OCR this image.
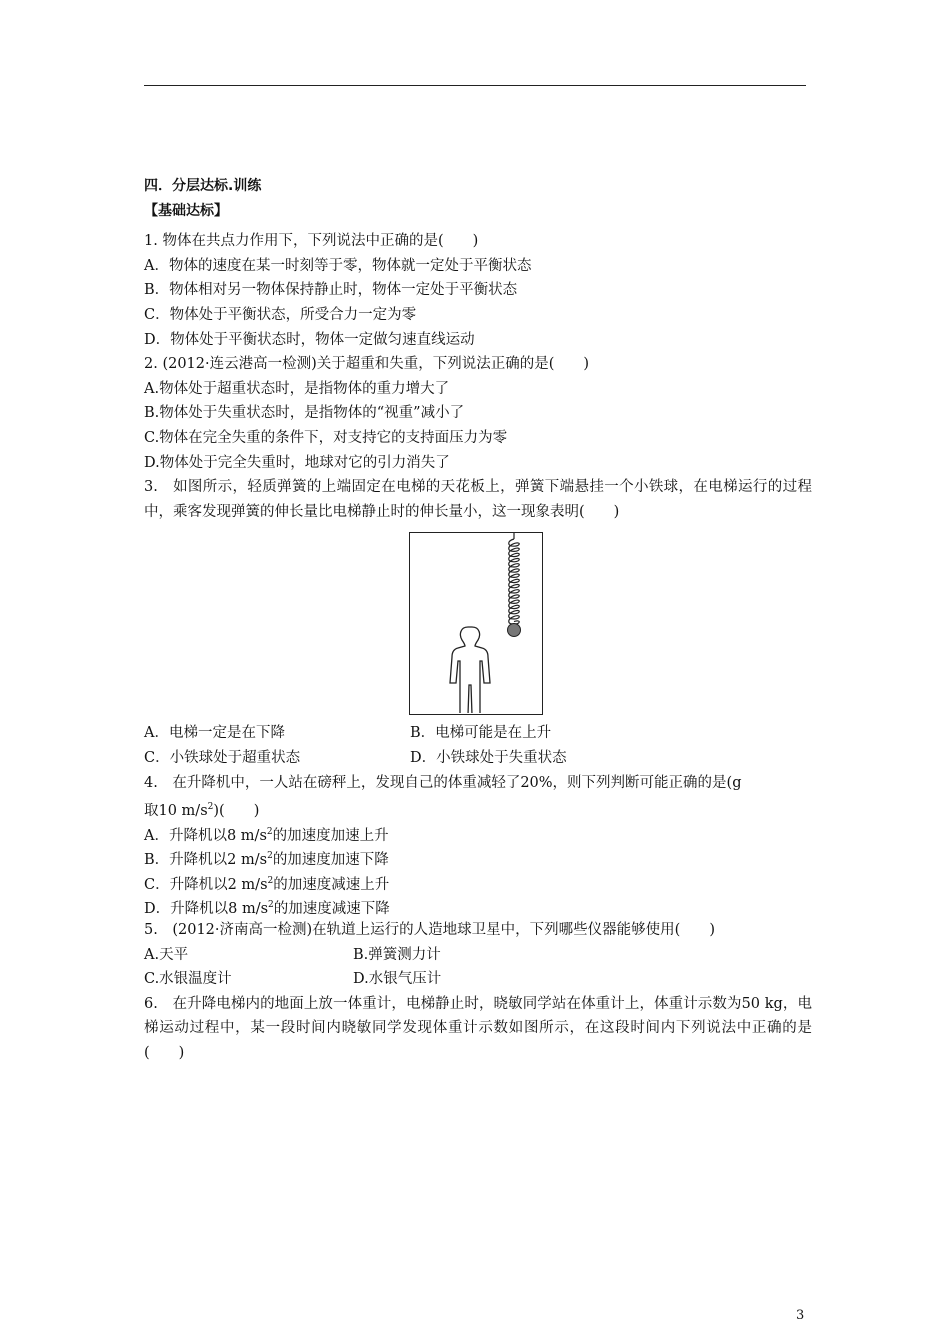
四．分层达标.训练
【基础达标】
1. 物体在共点力作用下，下列说法中正确的是(　　)
A．物体的速度在某一时刻等于零，物体就一定处于平衡状态
B．物体相对另一物体保持静止时，物体一定处于平衡状态
C．物体处于平衡状态，所受合力一定为零
D．物体处于平衡状态时，物体一定做匀速直线运动
2. (2012·连云港高一检测)关于超重和失重，下列说法正确的是(　　)
A.物体处于超重状态时，是指物体的重力增大了
B.物体处于失重状态时，是指物体的“视重”减小了
C.物体在完全失重的条件下，对支持它的支持面压力为零
D.物体处于完全失重时，地球对它的引力消失了
3.　如图所示，轻质弹簧的上端固定在电梯的天花板上，弹簧下端悬挂一个小铁球，在电梯运行的过程中，乘客发现弹簧的伸长量比电梯静止时的伸长量小，这一现象表明(　　)
A．电梯一定是在下降	B．电梯可能是在上升
C．小铁球处于超重状态	D．小铁球处于失重状态
4.　在升降机中，一人站在磅秤上，发现自己的体重减轻了20%，则下列判断可能正确的是(g
取10 $m/s^2$)(　　)
A．升降机以8 $m/s^2$的加速度加速上升
B．升降机以2 $m/s^2$的加速度加速下降
C．升降机以2 $m/s^2$的加速度减速上升
D．升降机以8 $m/s^2$的加速度减速下降
5.　(2012·济南高一检测)在轨道上运行的人造地球卫星中，下列哪些仪器能够使用(　　)
A.天平	B.弹簧测力计
C.水银温度计	D.水银气压计
6.　在升降电梯内的地面上放一体重计，电梯静止时，晓敏同学站在体重计上，体重计示数为50 kg，电梯运动过程中，某一段时间内晓敏同学发现体重计示数如图所示，在这段时间内下列说法中正确的是(　　)
3
